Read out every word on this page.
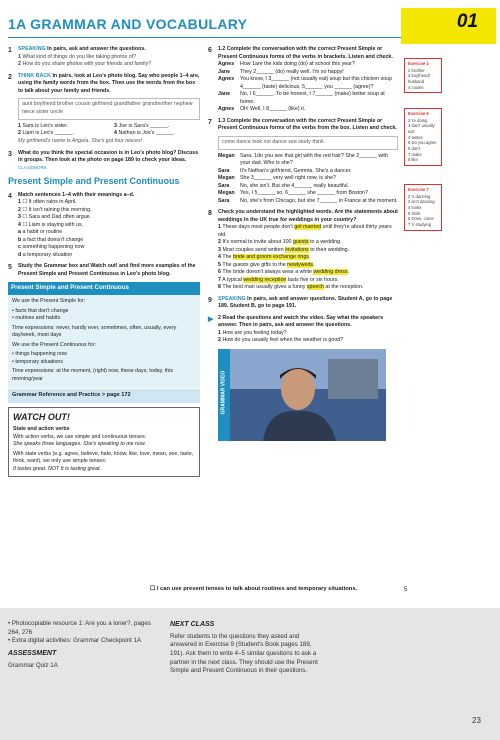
1A GRAMMAR AND VOCABULARY	01
1 SPEAKING In pairs, ask and answer the questions.
1 What kind of things do you like taking photos of?
2 How do you share photos with your friends and family?
2 THINK BACK In pairs, look at Leo's photo blog. Say who people 1–4 are, using the family words from the box. Then use the words from the box to talk about your family and friends.
aunt boyfriend brother cousin girlfriend grandfather grandmother nephew niece sister uncle
1 Sara is Leo's sister.	3 Joe is Sara's ______.
2 Liam is Leo's ______.	4 Nathan is Joe's ______.
My girlfriend's name is Angela. She's got four nieces!
3 What do you think the special occasion is in Leo's photo blog? Discuss in groups. Then look at the photo on page 189 to check your ideas.
CLASSWORK
Present Simple and Present Continuous
4 Match sentences 1–4 with their meanings a–d.
1 ☐ It often rains in April.
2 ☐ It isn't raining this morning.
3 ☐ Sara and Dad often argue.
4 ☐ Liam is staying with us.
a a habit or routine
b a fact that doesn't change
c something happening now
d a temporary situation
5 Study the Grammar box and Watch out! and find more examples of the Present Simple and Present Continuous in Leo's photo blog.
Present Simple and Present Continuous

We use the Present Simple for:

• facts that don't change
• routines and habits

Time expressions: never, hardly ever, sometimes, often, usually, every day/week, most days

We use the Present Continuous for:

• things happening now
• temporary situations

Time expressions: at the moment, (right) now, these days, today, this morning/year

Grammar Reference and Practice > page 172
WATCH OUT!
State and action verbs
With action verbs, we use simple and continuous tenses:
She speaks three languages. She's speaking to me now.
With state verbs (e.g. agree, believe, hate, know, like, love, mean, see, taste, think, want), we only use simple tenses:
It tastes great. NOT It is tasting great.
6 1.2 Complete the conversation with the correct Present Simple or Present Continuous forms of the verbs in brackets. Listen and check.
Agnes	How 1are the kids doing (do) at school this year?
Jane	They 2______ (do) really well. I'm so happy!
Agnes	You know, I 3______ (not usually eat) soup but this chicken soup 4______ (taste) delicious. 5______ you ______ (agree)?
Jane	No, I 6______. To be honest, I 7______ (make) better soup at home.
Agnes	Oh! Well, I 8______ (like) it.
7 1.3 Complete the conversation with the correct Present Simple or Present Continuous forms of the verbs from the box. Listen and check.
come dance look not dance see study think
Megan Sara, 1do you see that girl with the red hair? She 2______ with your dad. Who is she?
Sara	It's Nathan's girlfriend, Gemma. She's a dancer.
Megan She 3______ very well right now, is she?
Sara	No, she isn't. But she 4______ really beautiful.
Megan Yes, I 5______ so. 6______ she ______ from Boston?
Sara	No, she's from Chicago, but she 7______ in France at the moment.
8 Check you understand the highlighted words. Are the statements about weddings in the UK true for weddings in your country?
1 These days most people don't get married until they're about thirty years old.
2 It's normal to invite about 100 guests to a wedding.
3 Most couples send written invitations to their wedding.
4 The bride and groom exchange rings.
5 The guests give gifts to the newlyweds.
6 The bride doesn't always wear a white wedding dress.
7 A typical wedding reception lasts five or six hours.
8 The best man usually gives a funny speech at the reception.
9 SPEAKING In pairs, ask and answer questions. Student A, go to page 189. Student B, go to page 191.
▶ 2 Read the questions and watch the video. Say what the speakers answer. Then in pairs, ask and answer the questions.
1 How are you feeling today?
2 How do you usually feel when the weather is good?
GRAMMAR VIDEO
Exercise 2
2 brother
3 boyfriend/
husband
4 cousin
Exercise 6
2 're doing
3 don't usually eat
4 tastes
5 Do you agree
6 don't
7 make
8 like
Exercise 7
2 's dancing
3 isn't dancing
4 looks
5 think
6 Does, come
7 's studying
☐ I can use present tenses to talk about routines and temporary situations.	5
• Photocopiable resource 1: Are you a loner?, pages 264, 276
• Extra digital activities: Grammar Checkpoint 1A
ASSESSMENT
Grammar Quiz 1A
NEXT CLASS
Refer students to the questions they asked and answered in Exercise 9 (Student's Book pages 189, 191). Ask them to write 4–5 similar questions to ask a partner in the next class. They should use the Present Simple and Present Continuous in their questions.
23
